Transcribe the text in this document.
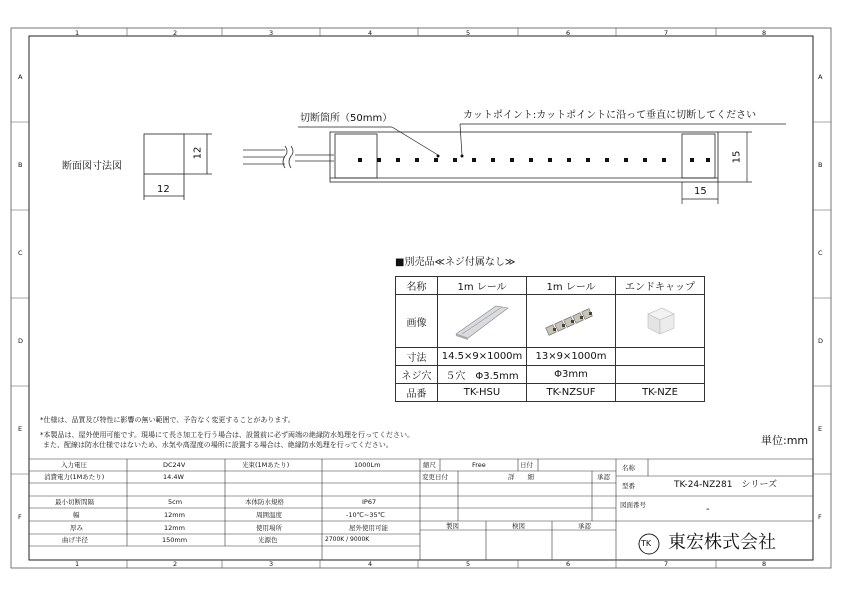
1	2	3	4	5	6	7	8
1	2	3	4	5	6	7	8
A
B
C
D
E
F
A
B
C
D
E
F
断面図寸法図
12
12
切断箇所（50mm）	カットポイント:カットポイントに沿って垂直に切断してください
15
15
■別売品≪ネジ付属なし≫
名称	1m レール	1m レール	エンドキャップ
画像			
寸法	14.5×9×1000m	13×9×1000m	
ネジ穴	５穴　Φ3.5mm	Φ3mm	
品番	TK-HSU	TK-NZSUF	TK-NZE
*仕様は、品質及び特性に影響の無い範囲で、予告なく変更することがあります。
*本製品は、屋外使用可能です。現場にて長さ加工を行う場合は、設置前に必ず両端の絶縁防水処理を行ってください。
また、配線は防水仕様ではないため、水気や高湿度の場所に設置する場合は、絶縁防水処理を行ってください。	単位:mm
入力電圧	DC24V	光束(1Mあたり)	1000Lm
消費電力(1Mあたり)	14.4W
最小切断間隔	5cm	本体防水規格	IP67
幅	12mm	周囲温度	-10℃~35℃
厚み	12mm	使用場所	屋外使用可能
曲げ半径	150mm	光源色	2700K / 9000K
縮尺	Free	日付
変更日付	詳　　細	承認
製図	検図	承認
名称
型番	TK-24-NZ281　シリーズ
図面番号	-
TK 東宏株式会社
